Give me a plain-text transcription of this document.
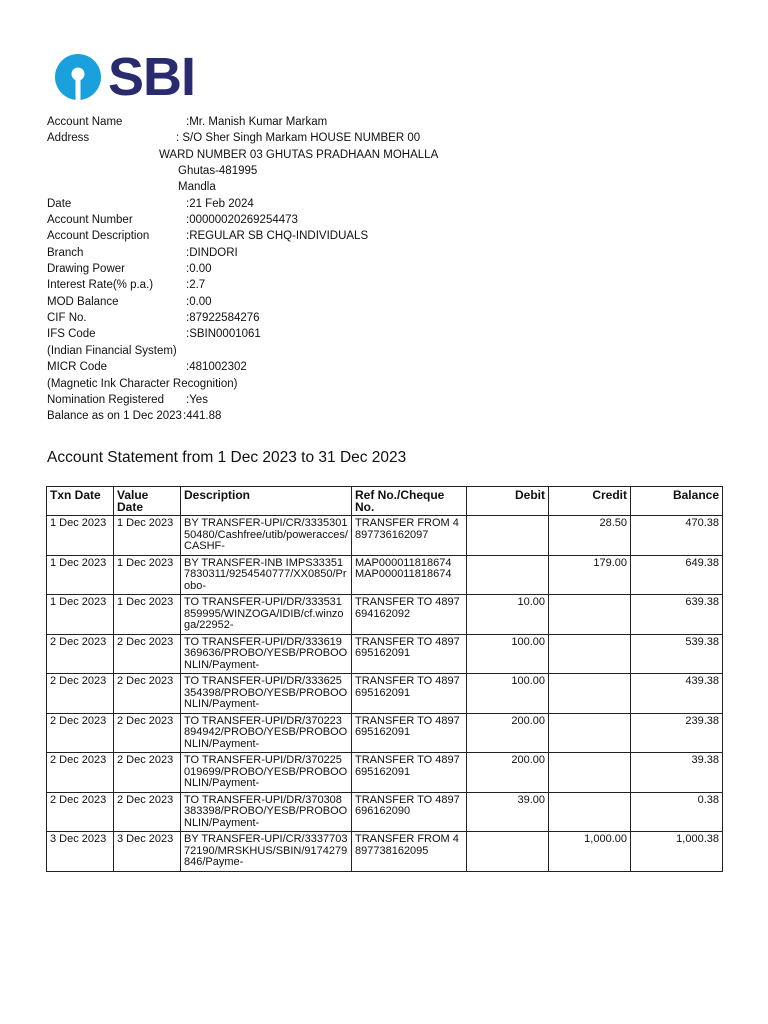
SBI
Account Name	:Mr. Manish Kumar Markam
Address	: S/O Sher Singh Markam HOUSE NUMBER 00
WARD NUMBER 03 GHUTAS PRADHAAN MOHALLA
Ghutas-481995
Mandla
Date	:21 Feb 2024
Account Number	:00000020269254473
Account Description	:REGULAR SB CHQ-INDIVIDUALS
Branch	:DINDORI
Drawing Power	:0.00
Interest Rate(% p.a.)	:2.7
MOD Balance	:0.00
CIF No.	:87922584276
IFS Code	:SBIN0001061
(Indian Financial System)
MICR Code	:481002302
(Magnetic Ink Character Recognition)
Nomination Registered :Yes
Balance as on 1 Dec 2023 :441.88
Account Statement from 1 Dec 2023 to 31 Dec 2023
Txn Date	Value Date	Description	Ref No./Cheque No.	Debit	Credit	Balance
1 Dec 2023	1 Dec 2023	BY TRANSFER-UPI/CR/333530150480/Cashfree/utib/poweracces/CASHF-	TRANSFER FROM 4897736162097		28.50	470.38
1 Dec 2023	1 Dec 2023	BY TRANSFER-INB IMPS333517830311/9254540777/XX0850/Probo-	MAP000011818674 MAP000011818674		179.00	649.38
1 Dec 2023	1 Dec 2023	TO TRANSFER-UPI/DR/333531859995/WINZOGA/IDIB/cf.winzoga/22952-	TRANSFER TO 4897694162092	10.00		639.38
2 Dec 2023	2 Dec 2023	TO TRANSFER-UPI/DR/333619369636/PROBO/YESB/PROBOONLIN/Payment-	TRANSFER TO 4897695162091	100.00		539.38
2 Dec 2023	2 Dec 2023	TO TRANSFER-UPI/DR/333625354398/PROBO/YESB/PROBOONLIN/Payment-	TRANSFER TO 4897695162091	100.00		439.38
2 Dec 2023	2 Dec 2023	TO TRANSFER-UPI/DR/370223894942/PROBO/YESB/PROBOONLIN/Payment-	TRANSFER TO 4897695162091	200.00		239.38
2 Dec 2023	2 Dec 2023	TO TRANSFER-UPI/DR/370225019699/PROBO/YESB/PROBOONLIN/Payment-	TRANSFER TO 4897695162091	200.00		39.38
2 Dec 2023	2 Dec 2023	TO TRANSFER-UPI/DR/370308383398/PROBO/YESB/PROBOONLIN/Payment-	TRANSFER TO 4897696162090	39.00		0.38
3 Dec 2023	3 Dec 2023	BY TRANSFER-UPI/CR/333770372190/MRSKHUS/SBIN/9174279846/Payme-	TRANSFER FROM 4897738162095		1,000.00	1,000.38
